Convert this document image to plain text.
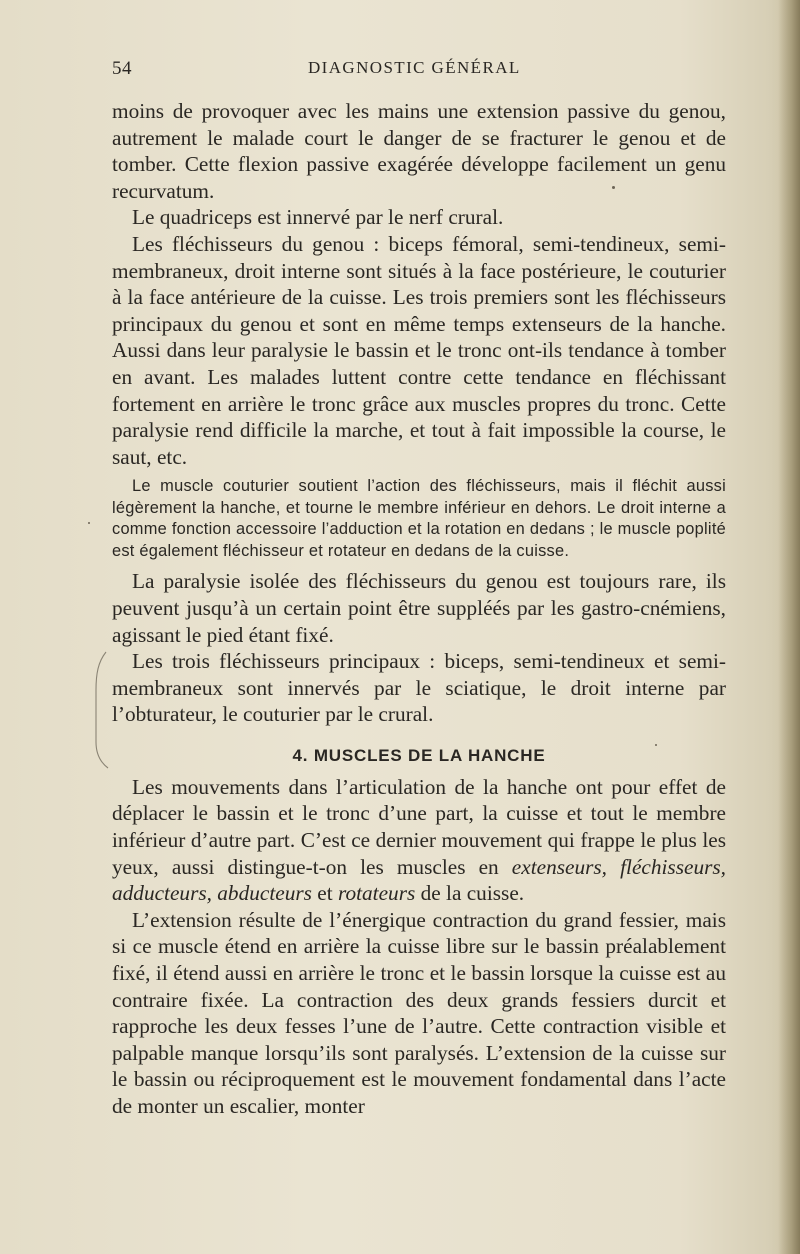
54	DIAGNOSTIC GÉNÉRAL

moins de provoquer avec les mains une extension passive du genou, autrement le malade court le danger de se fracturer le genou et de tomber. Cette flexion passive exagérée développe facilement un genu recurvatum.

Le quadriceps est innervé par le nerf crural.

Les fléchisseurs du genou : biceps fémoral, semi-tendineux, semi-membraneux, droit interne sont situés à la face postérieure, le couturier à la face antérieure de la cuisse. Les trois premiers sont les fléchisseurs principaux du genou et sont en même temps extenseurs de la hanche. Aussi dans leur paralysie le bassin et le tronc ont-ils tendance à tomber en avant. Les malades luttent contre cette tendance en fléchissant fortement en arrière le tronc grâce aux muscles propres du tronc. Cette paralysie rend difficile la marche, et tout à fait impossible la course, le saut, etc.

Le muscle couturier soutient l’action des fléchisseurs, mais il fléchit aussi légèrement la hanche, et tourne le membre inférieur en dehors. Le droit interne a comme fonction accessoire l’adduction et la rotation en dedans ; le muscle poplité est également fléchisseur et rotateur en dedans de la cuisse.

La paralysie isolée des fléchisseurs du genou est toujours rare, ils peuvent jusqu’à un certain point être suppléés par les gastro-cnémiens, agissant le pied étant fixé.

Les trois fléchisseurs principaux : biceps, semi-tendineux et semi-membraneux sont innervés par le sciatique, le droit interne par l’obturateur, le couturier par le crural.

4. MUSCLES DE LA HANCHE

Les mouvements dans l’articulation de la hanche ont pour effet de déplacer le bassin et le tronc d’une part, la cuisse et tout le membre inférieur d’autre part. C’est ce dernier mouvement qui frappe le plus les yeux, aussi distingue-t-on les muscles en extenseurs, fléchisseurs, adducteurs, abducteurs et rotateurs de la cuisse.

L’extension résulte de l’énergique contraction du grand fessier, mais si ce muscle étend en arrière la cuisse libre sur le bassin préalablement fixé, il étend aussi en arrière le tronc et le bassin lorsque la cuisse est au contraire fixée. La contraction des deux grands fessiers durcit et rapproche les deux fesses l’une de l’autre. Cette contraction visible et palpable manque lorsqu’ils sont paralysés. L’extension de la cuisse sur le bassin ou réciproquement est le mouvement fondamental dans l’acte de monter un escalier, monter
